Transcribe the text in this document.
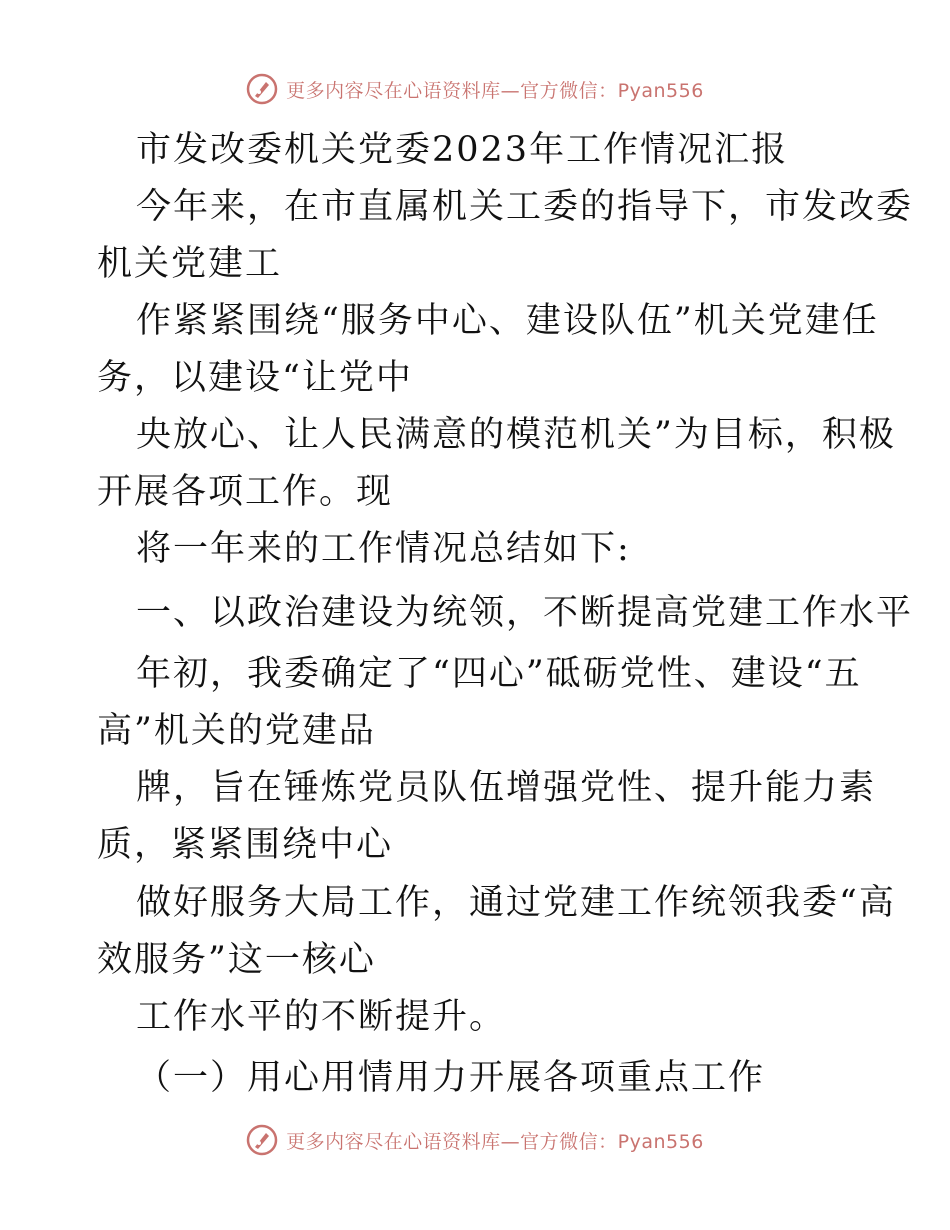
更多内容尽在心语资料库—官方微信：Pyan556
市发改委机关党委2023年工作情况汇报
今年来，在市直属机关工委的指导下，市发改委
机关党建工
作紧紧围绕“服务中心、建设队伍”机关党建任
务，以建设“让党中
央放心、让人民满意的模范机关”为目标，积极
开展各项工作。现
将一年来的工作情况总结如下:
一、以政治建设为统领，不断提高党建工作水平
年初，我委确定了“四心”砥砺党性、建设“五
高”机关的党建品
牌，旨在锤炼党员队伍增强党性、提升能力素
质，紧紧围绕中心
做好服务大局工作，通过党建工作统领我委“高
效服务”这一核心
工作水平的不断提升。
（一）用心用情用力开展各项重点工作
更多内容尽在心语资料库—官方微信：Pyan556
